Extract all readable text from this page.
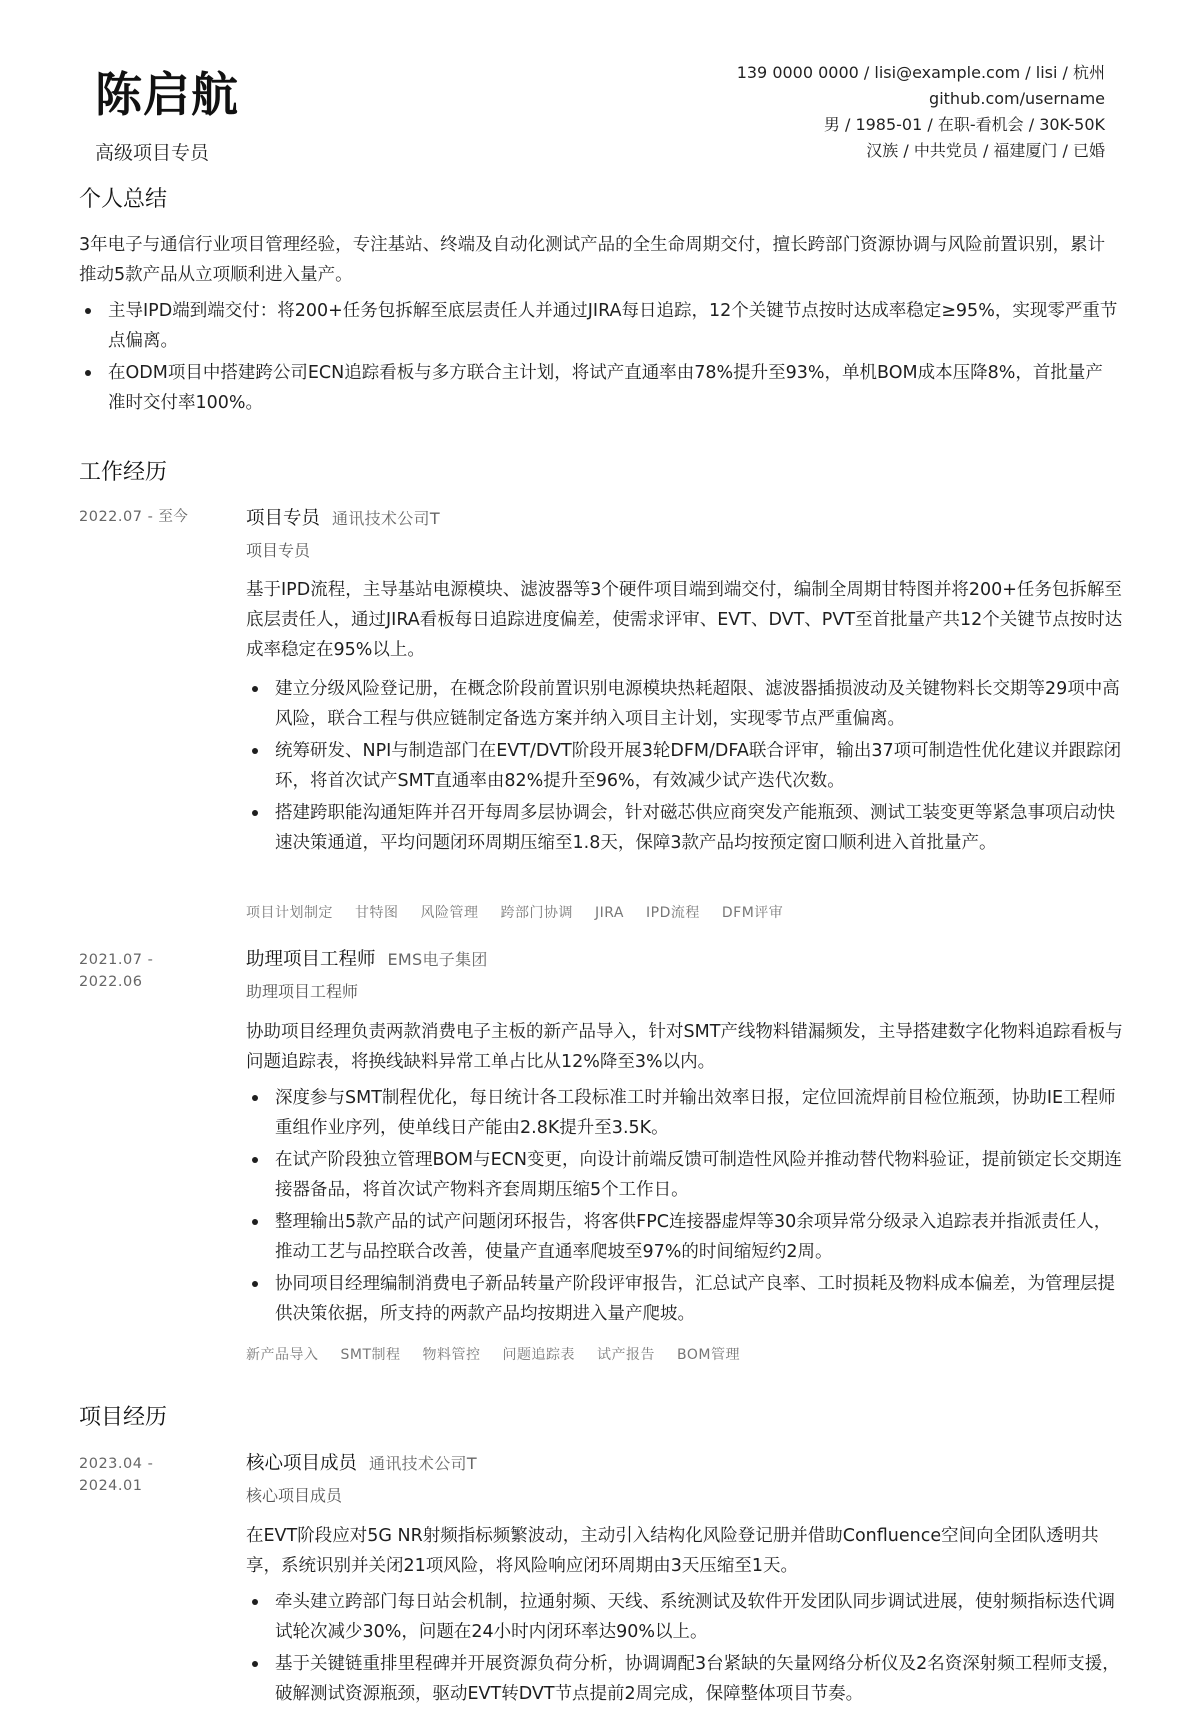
陈启航
高级项目专员
139 0000 0000 / lisi@example.com / lisi / 杭州
github.com/username
男 / 1985-01 / 在职-看机会 / 30K-50K
汉族 / 中共党员 / 福建厦门 / 已婚
个人总结

3年电子与通信行业项目管理经验，专注基站、终端及自动化测试产品的全生命周期交付，擅长跨部门资源协调与风险前置识别，累计推动5款产品从立项顺利进入量产。

主导IPD端到端交付：将200+任务包拆解至底层责任人并通过JIRA每日追踪，12个关键节点按时达成率稳定≥95%，实现零严重节点偏离。
在ODM项目中搭建跨公司ECN追踪看板与多方联合主计划，将试产直通率由78%提升至93%，单机BOM成本压降8%，首批量产准时交付率100%。
工作经历
2022.07 - 至今	项目专员 通讯技术公司T
项目专员

基于IPD流程，主导基站电源模块、滤波器等3个硬件项目端到端交付，编制全周期甘特图并将200+任务包拆解至底层责任人，通过JIRA看板每日追踪进度偏差，使需求评审、EVT、DVT、PVT至首批量产共12个关键节点按时达成率稳定在95%以上。

建立分级风险登记册，在概念阶段前置识别电源模块热耗超限、滤波器插损波动及关键物料长交期等29项中高风险，联合工程与供应链制定备选方案并纳入项目主计划，实现零节点严重偏离。
统筹研发、NPI与制造部门在EVT/DVT阶段开展3轮DFM/DFA联合评审，输出37项可制造性优化建议并跟踪闭环，将首次试产SMT直通率由82%提升至96%，有效减少试产迭代次数。
搭建跨职能沟通矩阵并召开每周多层协调会，针对磁芯供应商突发产能瓶颈、测试工装变更等紧急事项启动快速决策通道，平均问题闭环周期压缩至1.8天，保障3款产品均按预定窗口顺利进入首批量产。
项目计划制定 甘特图 风险管理 跨部门协调 JIRA IPD流程 DFM评审
2021.07 -
2022.06
助理项目工程师 EMS电子集团
助理项目工程师

协助项目经理负责两款消费电子主板的新产品导入，针对SMT产线物料错漏频发，主导搭建数字化物料追踪看板与问题追踪表，将换线缺料异常工单占比从12%降至3%以内。

深度参与SMT制程优化，每日统计各工段标准工时并输出效率日报，定位回流焊前目检位瓶颈，协助IE工程师重组作业序列，使单线日产能由2.8K提升至3.5K。
在试产阶段独立管理BOM与ECN变更，向设计前端反馈可制造性风险并推动替代物料验证，提前锁定长交期连接器备品，将首次试产物料齐套周期压缩5个工作日。
整理输出5款产品的试产问题闭环报告，将客供FPC连接器虚焊等30余项异常分级录入追踪表并指派责任人，推动工艺与品控联合改善，使量产直通率爬坡至97%的时间缩短约2周。
协同项目经理编制消费电子新品转量产阶段评审报告，汇总试产良率、工时损耗及物料成本偏差，为管理层提供决策依据，所支持的两款产品均按期进入量产爬坡。
新产品导入 SMT制程 物料管控 问题追踪表 试产报告 BOM管理
项目经历
2023.04 -
2024.01
核心项目成员 通讯技术公司T
核心项目成员

在EVT阶段应对5G NR射频指标频繁波动，主动引入结构化风险登记册并借助Confluence空间向全团队透明共享，系统识别并关闭21项风险，将风险响应闭环周期由3天压缩至1天。

牵头建立跨部门每日站会机制，拉通射频、天线、系统测试及软件开发团队同步调试进展，使射频指标迭代调试轮次减少30%，问题在24小时内闭环率达90%以上。
基于关键链重排里程碑并开展资源负荷分析，协调调配3台紧缺的矢量网络分析仪及2名资深射频工程师支援，破解测试资源瓶颈，驱动EVT转DVT节点提前2周完成，保障整体项目节奏。
